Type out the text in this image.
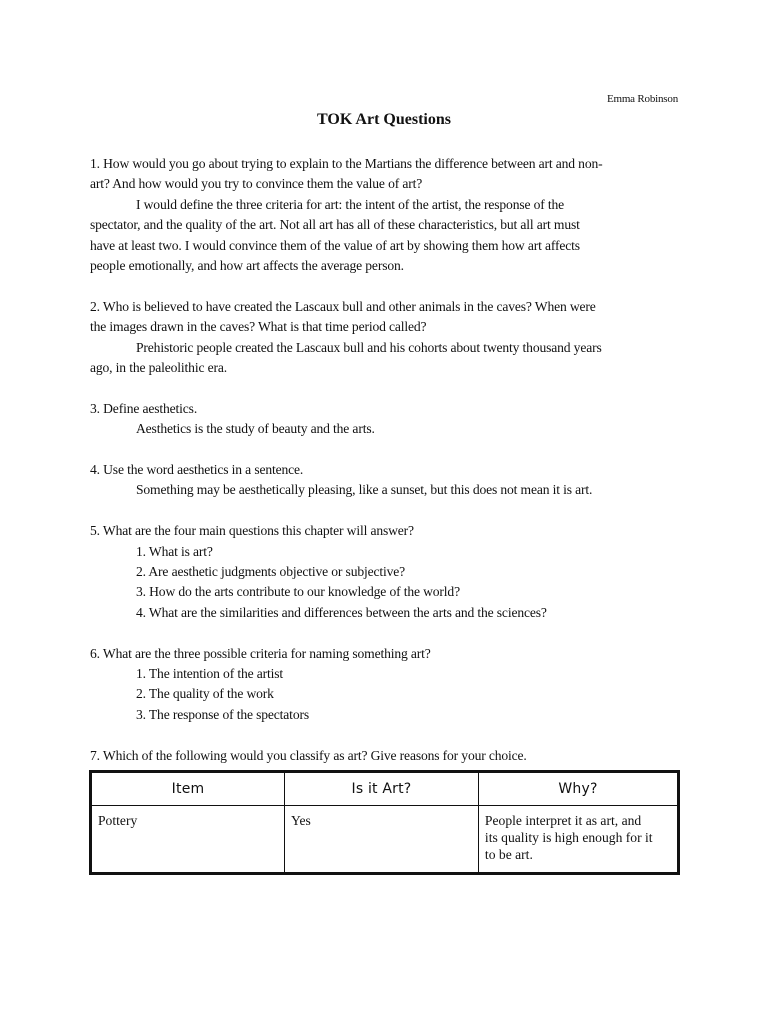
Emma Robinson
TOK Art Questions
1. How would you go about trying to explain to the Martians the difference between art and non-
art? And how would you try to convince them the value of art?
I would define the three criteria for art: the intent of the artist, the response of the
spectator, and the quality of the art. Not all art has all of these characteristics, but all art must
have at least two. I would convince them of the value of art by showing them how art affects
people emotionally, and how art affects the average person.
2. Who is believed to have created the Lascaux bull and other animals in the caves? When were
the images drawn in the caves? What is that time period called?
Prehistoric people created the Lascaux bull and his cohorts about twenty thousand years
ago, in the paleolithic era.
3. Define aesthetics.
Aesthetics is the study of beauty and the arts.
4. Use the word aesthetics in a sentence.
Something may be aesthetically pleasing, like a sunset, but this does not mean it is art.
5. What are the four main questions this chapter will answer?
1. What is art?
2. Are aesthetic judgments objective or subjective?
3. How do the arts contribute to our knowledge of the world?
4. What are the similarities and differences between the arts and the sciences?
6. What are the three possible criteria for naming something art?
1. The intention of the artist
2. The quality of the work
3. The response of the spectators
7. Which of the following would you classify as art? Give reasons for your choice.
Item	Is it Art?	Why?
Pottery	Yes	People interpret it as art, and
its quality is high enough for it
to be art.
